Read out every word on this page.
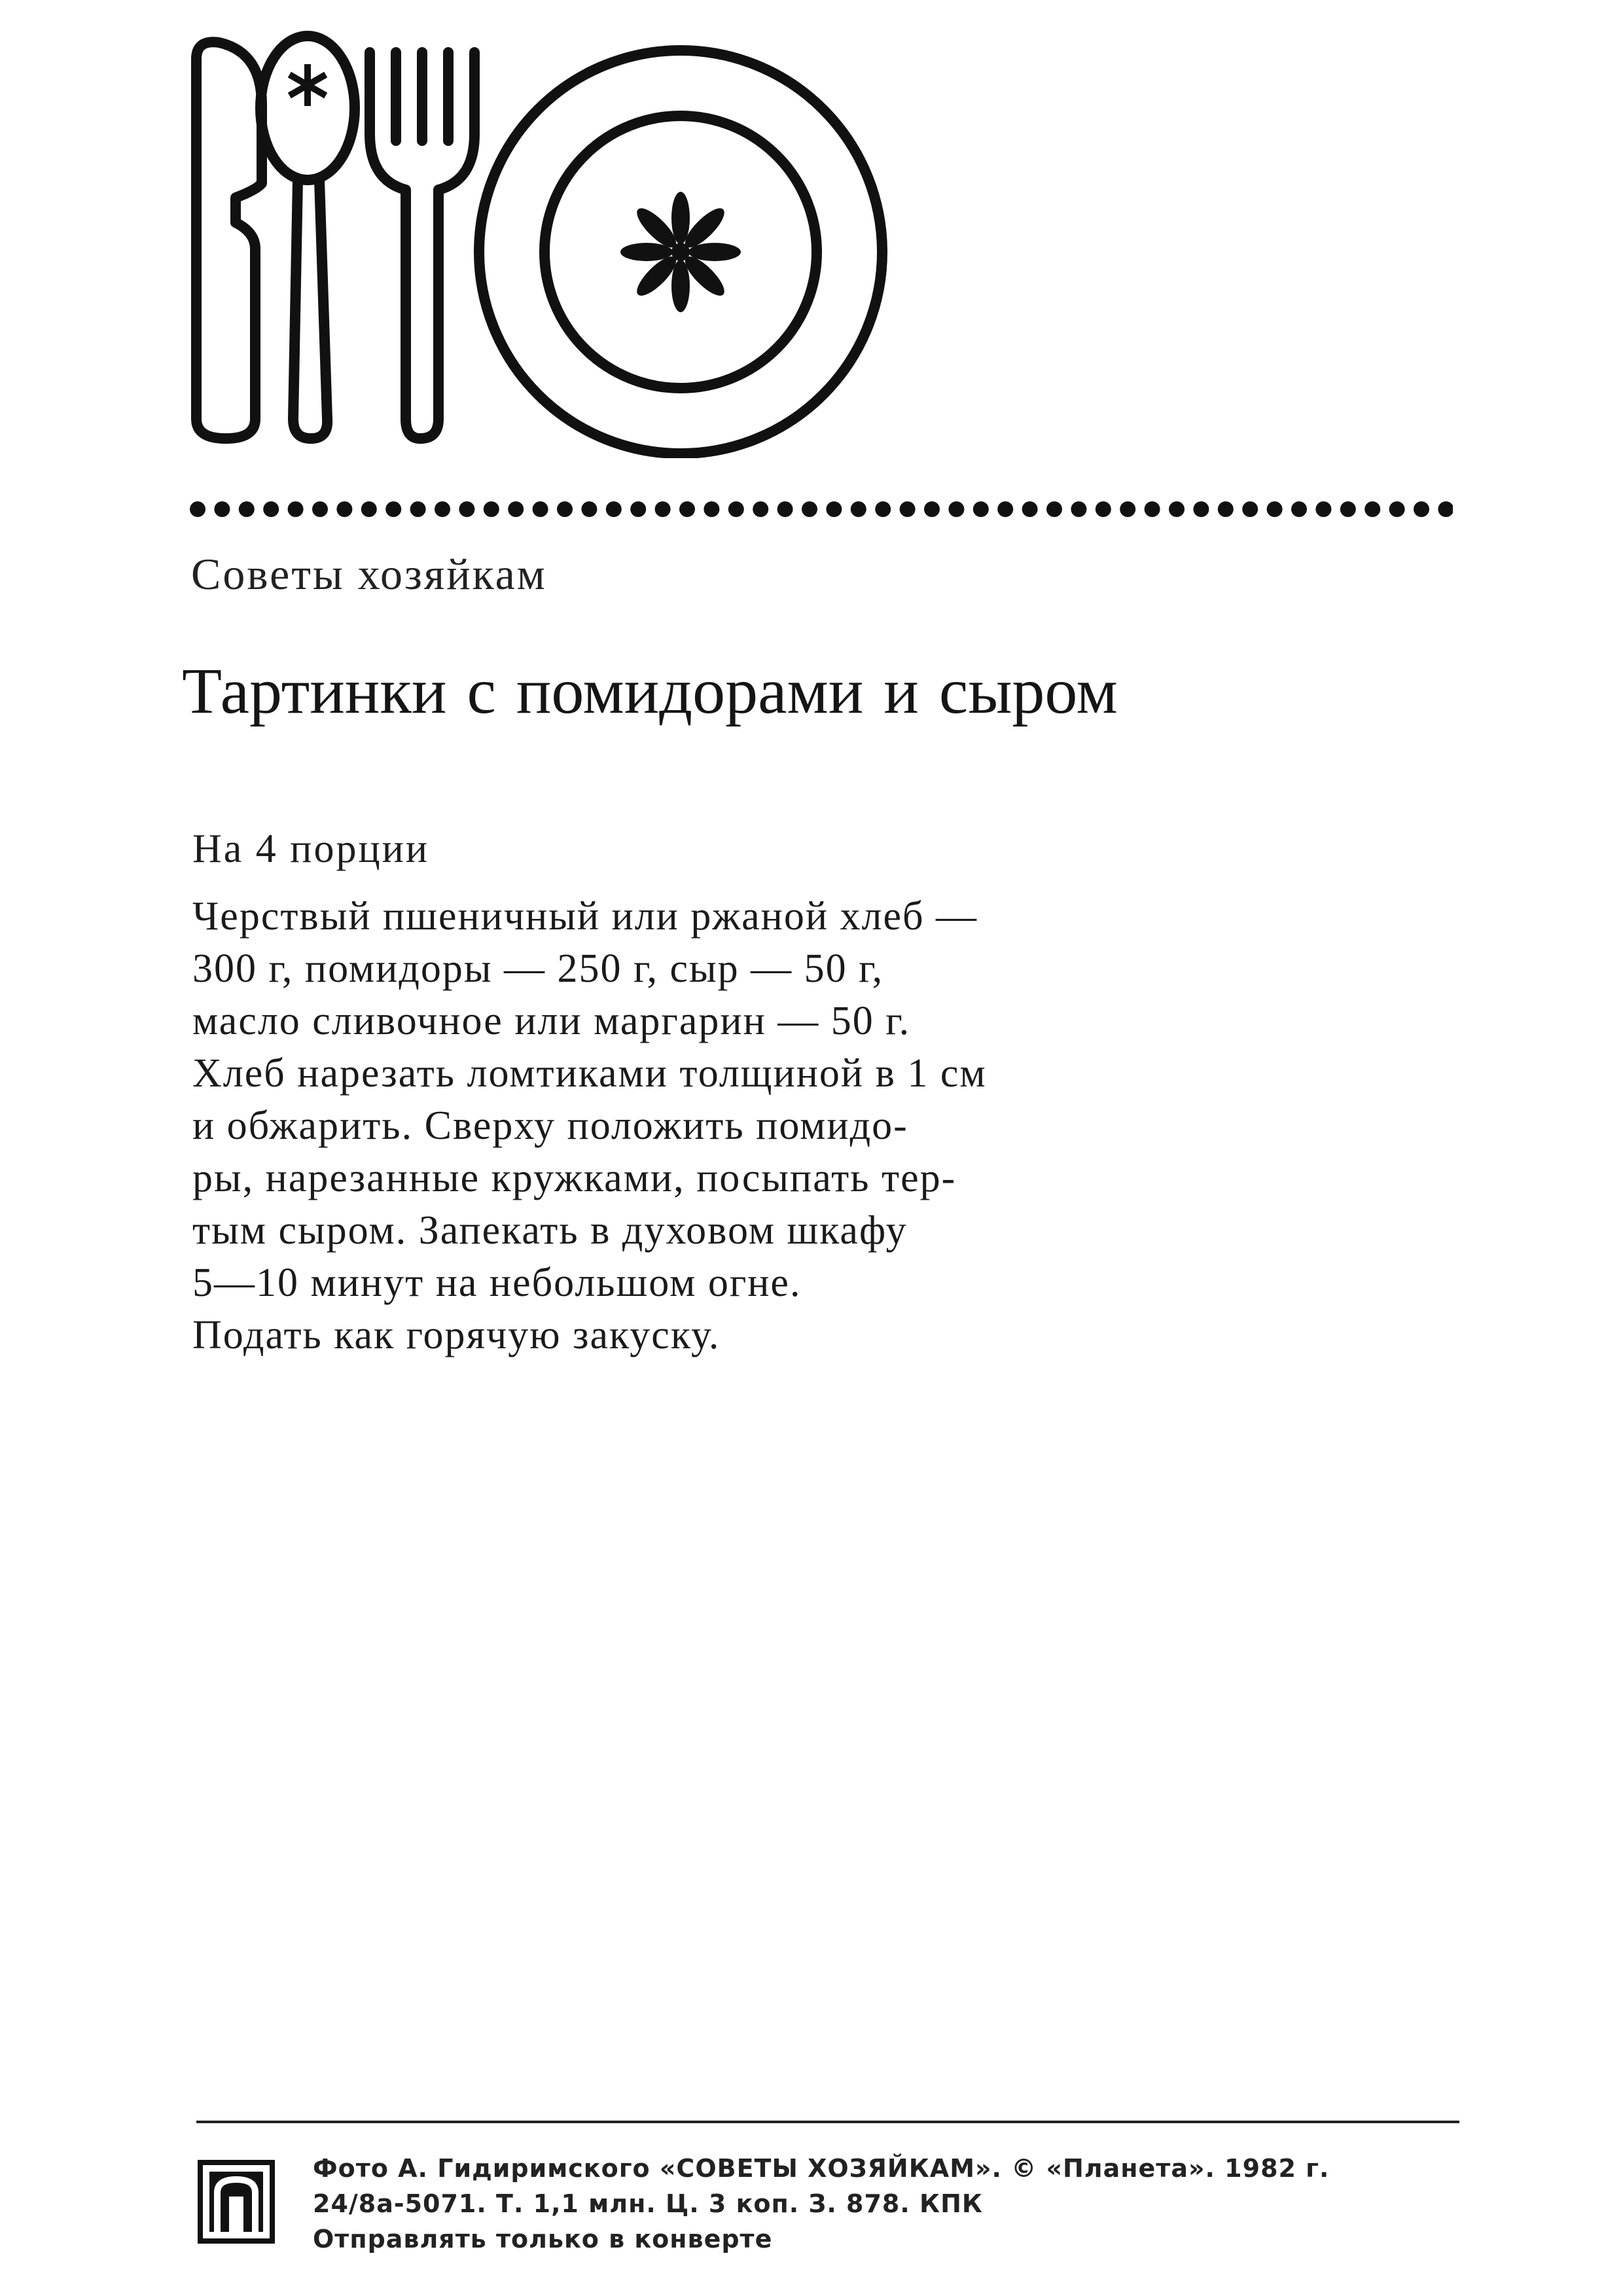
Советы хозяйкам
Тартинки с помидорами и сыром
На 4 порции
Черствый пшеничный или ржаной хлеб —
300 г, помидоры — 250 г, сыр — 50 г,
масло сливочное или маргарин — 50 г.
Хлеб нарезать ломтиками толщиной в 1 см
и обжарить. Сверху положить помидо-
ры, нарезанные кружками, посыпать тер-
тым сыром. Запекать в духовом шкафу
5—10 минут на небольшом огне.
Подать как горячую закуску.
Фото А. Гидиримского «СОВЕТЫ ХОЗЯЙКАМ». © «Планета». 1982 г.
24/8а-5071. Т. 1,1 млн. Ц. 3 коп. З. 878. КПК
Отправлять только в конверте
